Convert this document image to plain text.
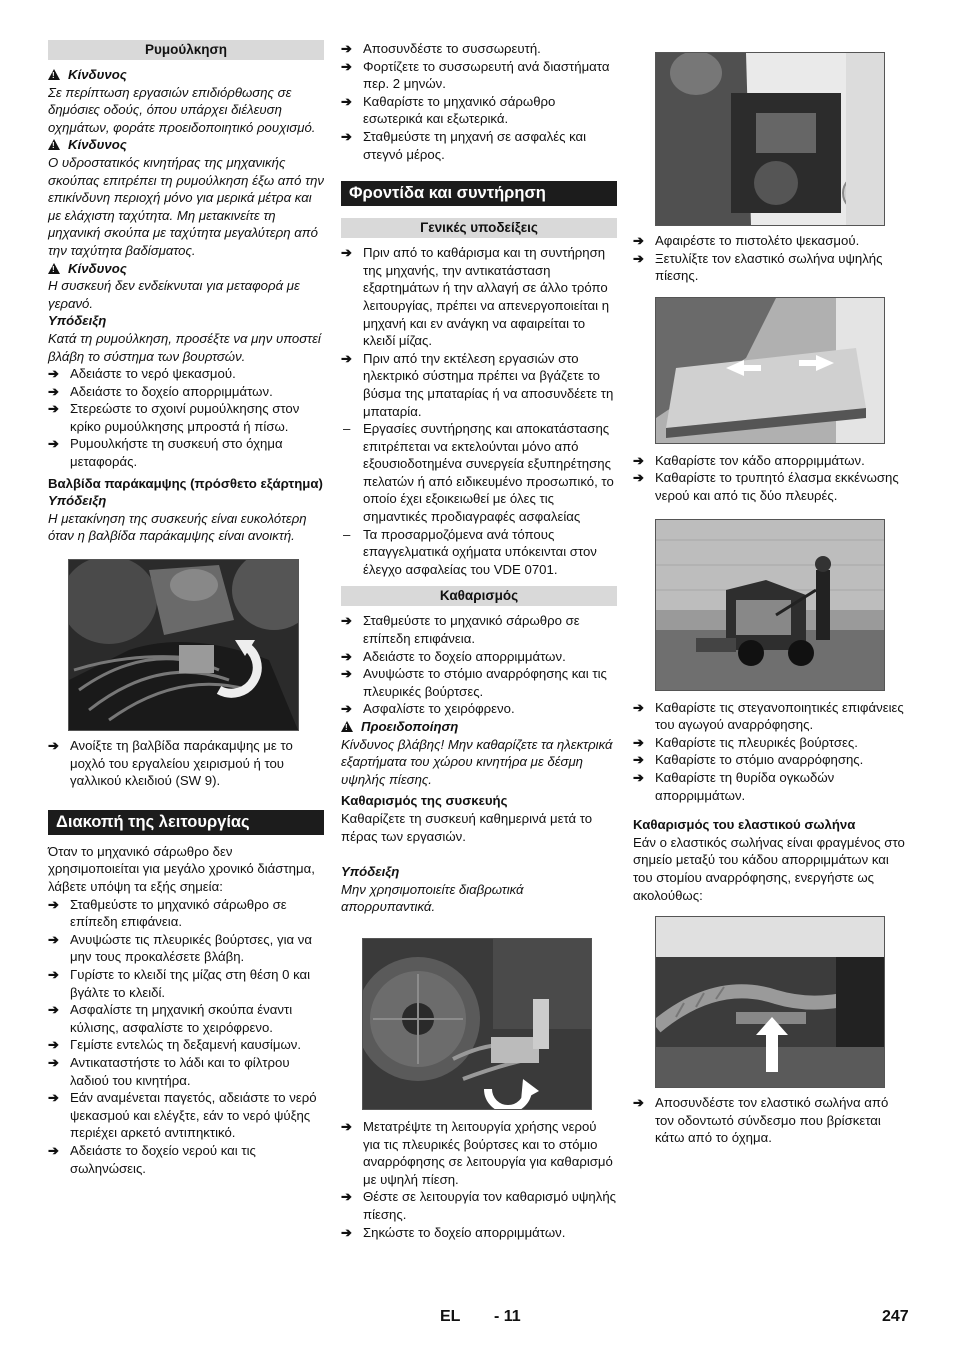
Ρυμούλκηση
!Κίνδυνος

Σε περίπτωση εργασιών επιδιόρθωσης σε δημόσιες οδούς, όπου υπάρχει διέλευση οχημάτων, φοράτε προειδοποιητικό ρουχισμό.

!Κίνδυνος

Ο υδροστατικός κινητήρας της μηχανικής σκούπας επιτρέπει τη ρυμούλκηση έξω από την επικίνδυνη περιοχή μόνο για μερικά μέτρα και με ελάχιστη ταχύτητα. Μη μετακινείτε τη μηχανική σκούπα με ταχύτητα μεγαλύτερη από την ταχύτητα βαδίσματος.

!Κίνδυνος

Η συσκευή δεν ενδείκνυται για μεταφορά με γερανό.

Υπόδειξη

Κατά τη ρυμούλκηση, προσέξτε να μην υποστεί βλάβη το σύστημα των βουρτσών.

➔ Αδειάστε το νερό ψεκασμού.
➔ Αδειάστε το δοχείο απορριμμάτων.
➔ Στερεώστε το σχοινί ρυμούλκησης στον κρίκο ρυμούλκησης μπροστά ή πίσω.
➔ Ρυμουλκήστε τη συσκευή στο όχημα μεταφοράς.
Βαλβίδα παράκαμψης (πρόσθετο εξάρτημα)
Υπόδειξη

Η μετακίνηση της συσκευής είναι ευκολότερη όταν η βαλβίδα παράκαμψης είναι ανοικτή.

➔ Ανοίξτε τη βαλβίδα παράκαμψης με το μοχλό του εργαλείου χειρισμού ή του γαλλικού κλειδιού (SW 9).
Διακοπή της λειτουργίας

Όταν το μηχανικό σάρωθρο δεν χρησιμοποιείται για μεγάλο χρονικό διάστημα, λάβετε υπόψη τα εξής σημεία:

➔ Σταθμεύστε το μηχανικό σάρωθρο σε επίπεδη επιφάνεια.
➔ Ανυψώστε τις πλευρικές βούρτσες, για να μην τους προκαλέσετε βλάβη.
➔ Γυρίστε το κλειδί της μίζας στη θέση 0 και βγάλτε το κλειδί.
➔ Ασφαλίστε τη μηχανική σκούπα έναντι κύλισης, ασφαλίστε το χειρόφρενο.
➔ Γεμίστε εντελώς τη δεξαμενή καυσίμων.
➔ Αντικαταστήστε το λάδι και το φίλτρου λαδιού του κινητήρα.
➔ Εάν αναμένεται παγετός, αδειάστε το νερό ψεκασμού και ελέγξτε, εάν το νερό ψύξης περιέχει αρκετό αντιπηκτικό.
➔ Αδειάστε το δοχείο νερού και τις σωληνώσεις.
➔ Αποσυνδέστε το συσσωρευτή.
➔ Φορτίζετε το συσσωρευτή ανά διαστήματα περ. 2 μηνών.
➔ Καθαρίστε το μηχανικό σάρωθρο εσωτερικά και εξωτερικά.
➔ Σταθμεύστε τη μηχανή σε ασφαλές και στεγνό μέρος.
Φροντίδα και συντήρηση
Γενικές υποδείξεις
➔ Πριν από το καθάρισμα και τη συντήρηση της μηχανής, την αντικατάσταση εξαρτημάτων ή την αλλαγή σε άλλο τρόπο λειτουργίας, πρέπει να απενεργοποιείται η μηχανή και εν ανάγκη να αφαιρείται το κλειδί μίζας.
➔ Πριν από την εκτέλεση εργασιών στο ηλεκτρικό σύστημα πρέπει να βγάζετε το βύσμα της μπαταρίας ή να αποσυνδέετε τη μπαταρία.
– Εργασίες συντήρησης και αποκατάστασης επιτρέπεται να εκτελούνται μόνο από εξουσιοδοτημένα συνεργεία εξυπηρέτησης πελατών ή από ειδικευμένο προσωπικό, το οποίο έχει εξοικειωθεί με όλες τις σημαντικές προδιαγραφές ασφαλείας
– Τα προσαρμοζόμενα ανά τόπους επαγγελματικά οχήματα υπόκεινται στον έλεγχο ασφαλείας του VDE 0701.
Καθαρισμός
➔ Σταθμεύστε το μηχανικό σάρωθρο σε επίπεδη επιφάνεια.
➔ Αδειάστε το δοχείο απορριμμάτων.
➔ Ανυψώστε το στόμιο αναρρόφησης και τις πλευρικές βούρτσες.
➔ Ασφαλίστε το χειρόφρενο.
!Προειδοποίηση

Κίνδυνος βλάβης! Μην καθαρίζετε τα ηλεκτρικά εξαρτήματα του χώρου κινητήρα με δέσμη υψηλής πίεσης.

Καθαρισμός της συσκευής

Καθαρίζετε τη συσκευή καθημερινά μετά το πέρας των εργασιών.

Υπόδειξη

Μην χρησιμοποιείτε διαβρωτικά απορρυπαντικά.

➔ Μετατρέψτε τη λειτουργία χρήσης νερού για τις πλευρικές βούρτσες και το στόμιο αναρρόφησης σε λειτουργία για καθαρισμό με υψηλή πίεση.
➔ Θέστε σε λειτουργία τον καθαρισμό υψηλής πίεσης.
➔ Σηκώστε το δοχείο απορριμμάτων.
➔ Αφαιρέστε το πιστολέτο ψεκασμού.
➔ Ξετυλίξτε τον ελαστικό σωλήνα υψηλής πίεσης.
➔ Καθαρίστε τον κάδο απορριμμάτων.
➔ Καθαρίστε το τρυπητό έλασμα εκκένωσης νερού και από τις δύο πλευρές.
➔ Καθαρίστε τις στεγανοποιητικές επιφάνειες του αγωγού αναρρόφησης.
➔ Καθαρίστε τις πλευρικές βούρτσες.
➔ Καθαρίστε το στόμιο αναρρόφησης.
➔ Καθαρίστε τη θυρίδα ογκωδών απορριμμάτων.
Καθαρισμός του ελαστικού σωλήνα

Εάν ο ελαστικός σωλήνας είναι φραγμένος στο σημείο μεταξύ του κάδου απορριμμάτων και του στομίου αναρρόφησης, ενεργήστε ως ακολούθως:

➔ Αποσυνδέστε τον ελαστικό σωλήνα από τον οδοντωτό σύνδεσμο που βρίσκεται κάτω από το όχημα.
EL - 11	247
